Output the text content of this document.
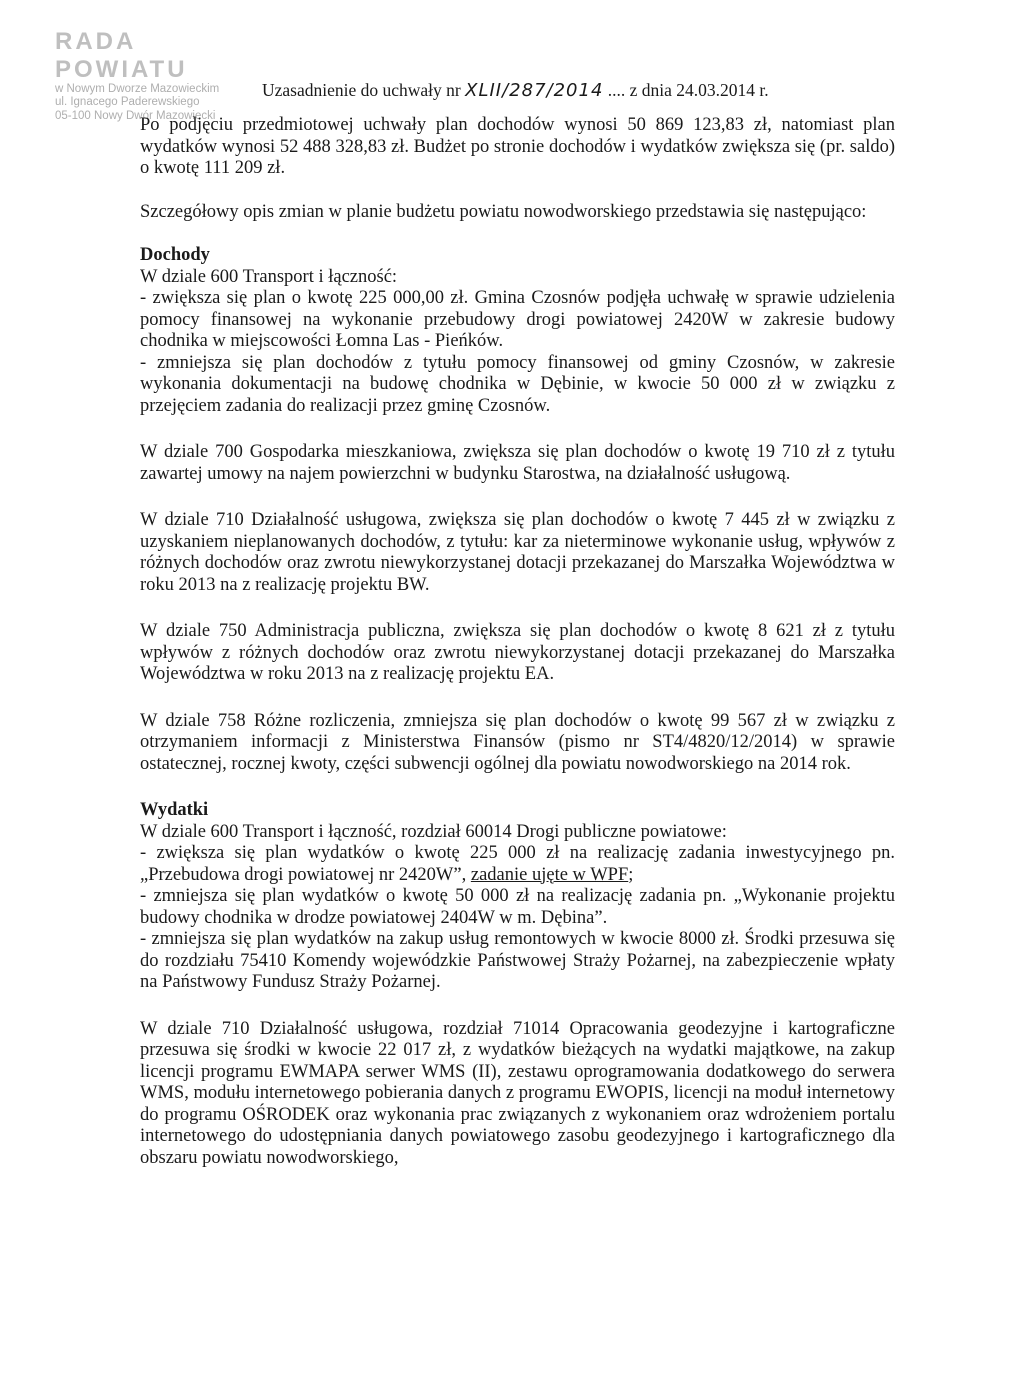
RADA POWIATU
w Nowym Dworze Mazowieckim
ul. Ignacego Paderewskiego
05-100 Nowy Dwór Mazowiecki
Uzasadnienie do uchwały nr XLII/287/2014 .... z dnia 24.03.2014 r.

Po podjęciu przedmiotowej uchwały plan dochodów wynosi 50 869 123,83 zł, natomiast plan wydatków wynosi 52 488 328,83 zł. Budżet po stronie dochodów i wydatków zwiększa się (pr. saldo) o kwotę 111 209 zł.

Szczegółowy opis zmian w planie budżetu powiatu nowodworskiego przedstawia się następująco:

Dochody

W dziale 600 Transport i łączność:

- zwiększa się plan o kwotę 225 000,00 zł. Gmina Czosnów podjęła uchwałę w sprawie udzielenia pomocy finansowej na wykonanie przebudowy drogi powiatowej 2420W w zakresie budowy chodnika w miejscowości Łomna Las - Pieńków.

- zmniejsza się plan dochodów z tytułu pomocy finansowej od gminy Czosnów, w zakresie wykonania dokumentacji na budowę chodnika w Dębinie, w kwocie 50 000 zł w związku z przejęciem zadania do realizacji przez gminę Czosnów.

W dziale 700 Gospodarka mieszkaniowa, zwiększa się plan dochodów o kwotę 19 710 zł z tytułu zawartej umowy na najem powierzchni w budynku Starostwa, na działalność usługową.

W dziale 710 Działalność usługowa, zwiększa się plan dochodów o kwotę 7 445 zł w związku z uzyskaniem nieplanowanych dochodów, z tytułu: kar za nieterminowe wykonanie usług, wpływów z różnych dochodów oraz zwrotu niewykorzystanej dotacji przekazanej do Marszałka Województwa w roku 2013 na z realizację projektu BW.

W dziale 750 Administracja publiczna, zwiększa się plan dochodów o kwotę 8 621 zł z tytułu wpływów z różnych dochodów oraz zwrotu niewykorzystanej dotacji przekazanej do Marszałka Województwa w roku 2013 na z realizację projektu EA.

W dziale 758 Różne rozliczenia, zmniejsza się plan dochodów o kwotę 99 567 zł w związku z otrzymaniem informacji z Ministerstwa Finansów (pismo nr ST4/4820/12/2014) w sprawie ostatecznej, rocznej kwoty, części subwencji ogólnej dla powiatu nowodworskiego na 2014 rok.

Wydatki

W dziale 600 Transport i łączność, rozdział 60014 Drogi publiczne powiatowe:

- zwiększa się plan wydatków o kwotę 225 000 zł na realizację zadania inwestycyjnego pn. „Przebudowa drogi powiatowej nr 2420W”, zadanie ujęte w WPF;

- zmniejsza się plan wydatków o kwotę 50 000 zł na realizację zadania pn. „Wykonanie projektu budowy chodnika w drodze powiatowej 2404W w m. Dębina”.

- zmniejsza się plan wydatków na zakup usług remontowych w kwocie 8000 zł. Środki przesuwa się do rozdziału 75410 Komendy wojewódzkie Państwowej Straży Pożarnej, na zabezpieczenie wpłaty na Państwowy Fundusz Straży Pożarnej.

W dziale 710 Działalność usługowa, rozdział 71014 Opracowania geodezyjne i kartograficzne przesuwa się środki w kwocie 22 017 zł, z wydatków bieżących na wydatki majątkowe, na zakup licencji programu EWMAPA serwer WMS (II), zestawu oprogramowania dodatkowego do serwera WMS, modułu internetowego pobierania danych z programu EWOPIS, licencji na moduł internetowy do programu OŚRODEK oraz wykonania prac związanych z wykonaniem oraz wdrożeniem portalu internetowego do udostępniania danych powiatowego zasobu geodezyjnego i kartograficznego dla obszaru powiatu nowodworskiego,
